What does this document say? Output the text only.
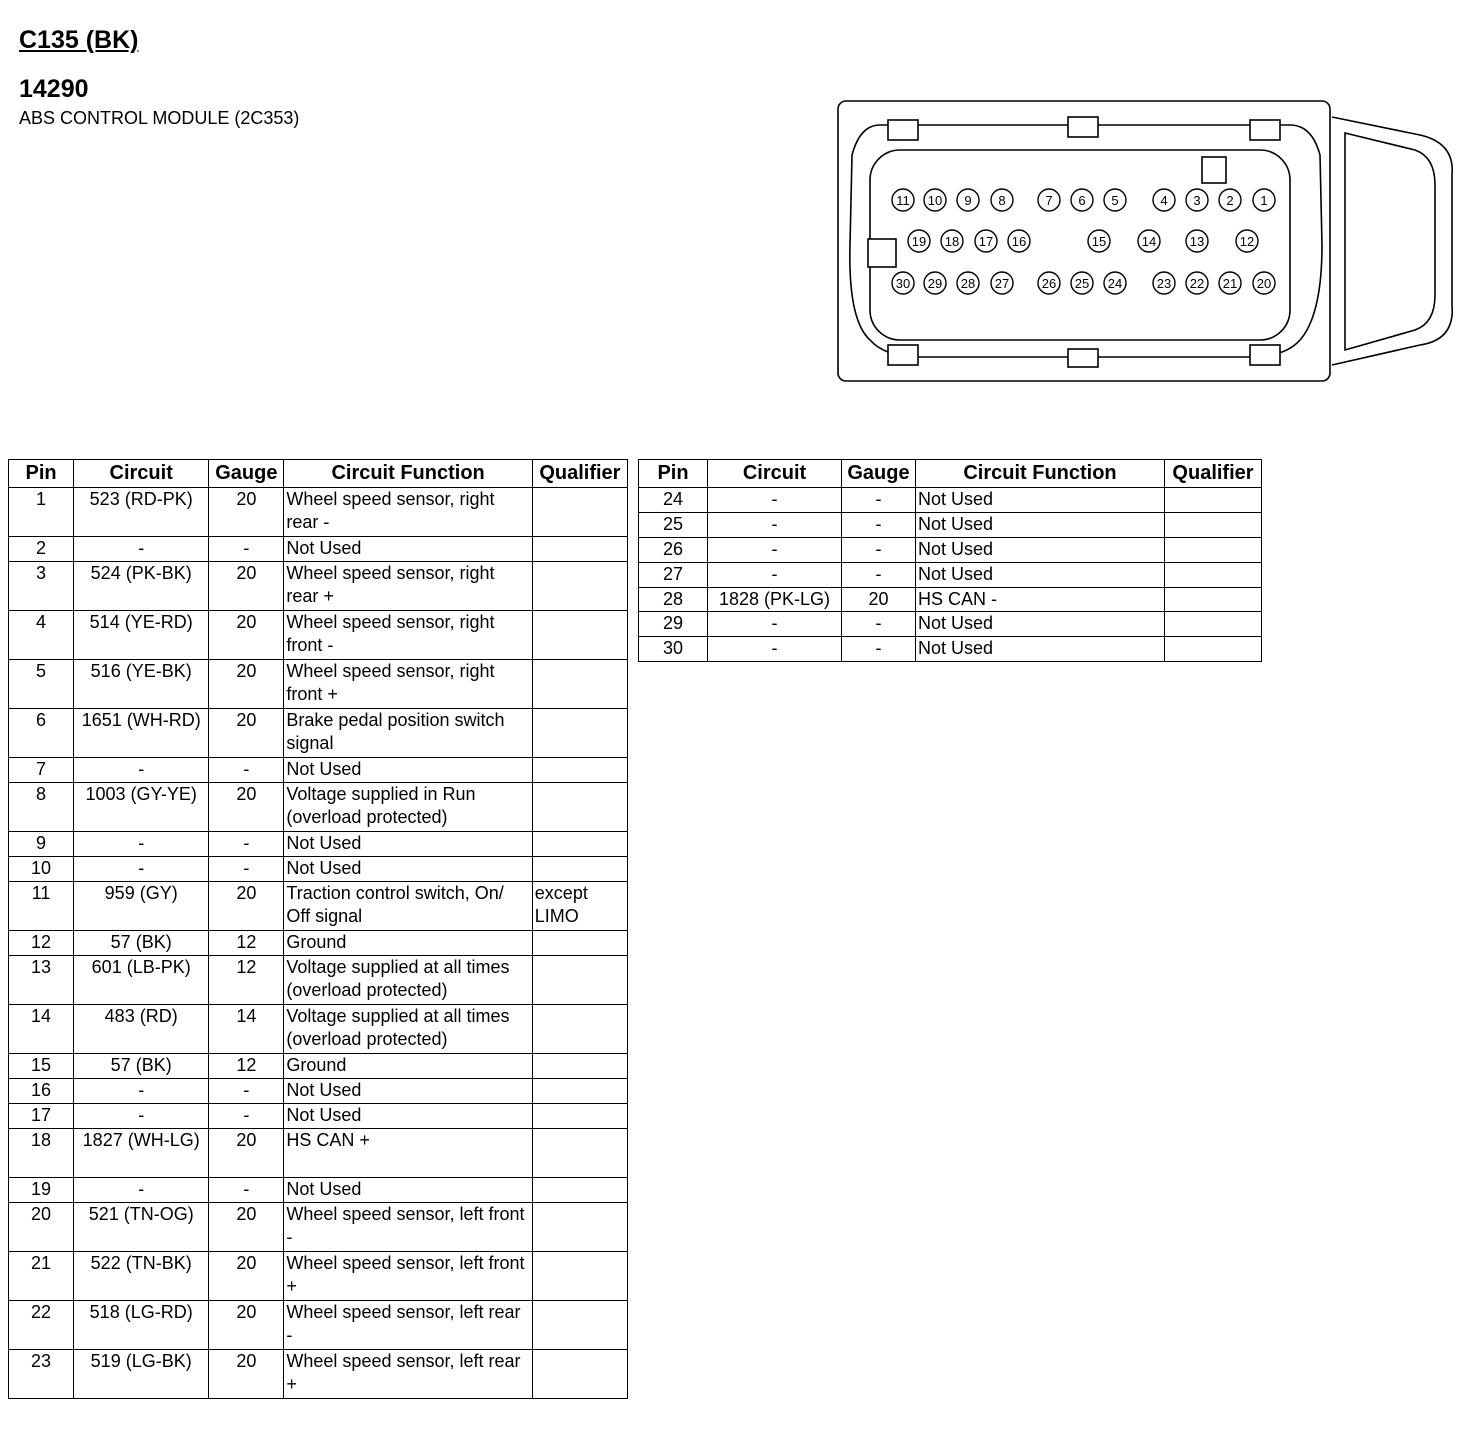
C135 (BK)
14290
ABS CONTROL MODULE (2C353)
11 10 9 8	7 6 5	4 3 2 1
19 18 17 16	15	14	13	12
30 29 28 27	26 25 24	23 22 21 20
Pin	Circuit	Gauge	Circuit Function	Qualifier
1	523 (RD-PK)	20	Wheel speed sensor, right rear -	
2	-	-	Not Used	
3	524 (PK-BK)	20	Wheel speed sensor, right rear +	
4	514 (YE-RD)	20	Wheel speed sensor, right front -	
5	516 (YE-BK)	20	Wheel speed sensor, right front +	
6	1651 (WH-RD)	20	Brake pedal position switch signal	
7	-	-	Not Used	
8	1003 (GY-YE)	20	Voltage supplied in Run (overload protected)	
9	-	-	Not Used	
10	-	-	Not Used	
11	959 (GY)	20	Traction control switch, On/ Off signal	except LIMO
12	57 (BK)	12	Ground	
13	601 (LB-PK)	12	Voltage supplied at all times (overload protected)	
14	483 (RD)	14	Voltage supplied at all times (overload protected)	
15	57 (BK)	12	Ground	
16	-	-	Not Used	
17	-	-	Not Used	
18	1827 (WH-LG)	20	HS CAN +	
19	-	-	Not Used	
20	521 (TN-OG)	20	Wheel speed sensor, left front -	
21	522 (TN-BK)	20	Wheel speed sensor, left front +	
22	518 (LG-RD)	20	Wheel speed sensor, left rear -	
23	519 (LG-BK)	20	Wheel speed sensor, left rear +	
Pin	Circuit	Gauge	Circuit Function	Qualifier
24	-	-	Not Used	
25	-	-	Not Used	
26	-	-	Not Used	
27	-	-	Not Used	
28	1828 (PK-LG)	20	HS CAN -	
29	-	-	Not Used	
30	-	-	Not Used	
